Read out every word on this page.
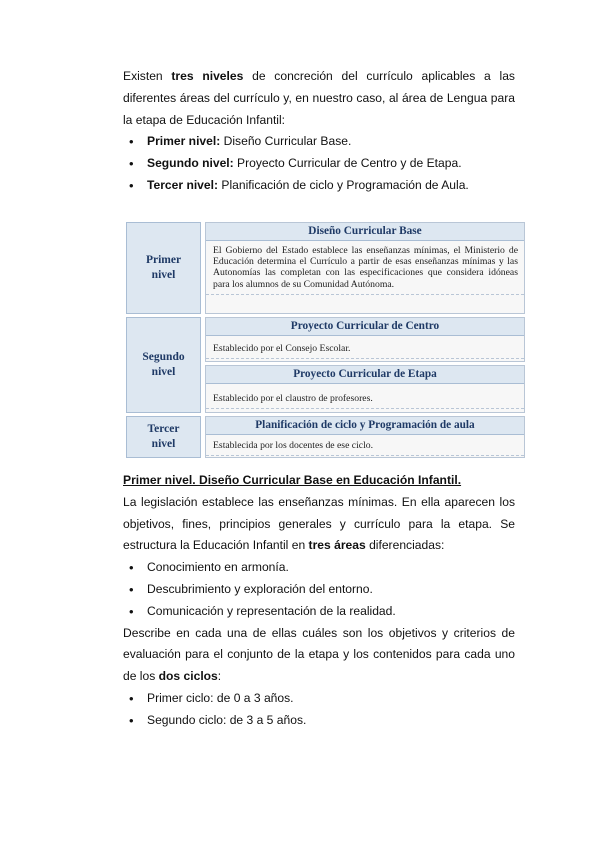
Existen tres niveles de concreción del currículo aplicables a las diferentes áreas del currículo y, en nuestro caso, al área de Lengua para la etapa de Educación Infantil:

• Primer nivel: Diseño Curricular Base.
• Segundo nivel: Proyecto Curricular de Centro y de Etapa.
• Tercer nivel: Planificación de ciclo y Programación de Aula.
Primer
nivel
Segundo
nivel
Tercer
nivel
Diseño Curricular Base
El Gobierno del Estado establece las enseñanzas mínimas, el Ministerio de Educación determina el Currículo a partir de esas enseñanzas mínimas y las Autonomías las completan con las especificaciones que considera idóneas para los alumnos de su Comunidad Autónoma.
Proyecto Curricular de Centro
Establecido por el Consejo Escolar.
Proyecto Curricular de Etapa
Establecido por el claustro de profesores.
Planificación de ciclo y Programación de aula
Establecida por los docentes de ese ciclo.

Primer nivel. Diseño Curricular Base en Educación Infantil.

La legislación establece las enseñanzas mínimas. En ella aparecen los objetivos, fines, principios generales y currículo para la etapa. Se estructura la Educación Infantil en tres áreas diferenciadas:

• Conocimiento en armonía.
• Descubrimiento y exploración del entorno.
• Comunicación y representación de la realidad.

Describe en cada una de ellas cuáles son los objetivos y criterios de evaluación para el conjunto de la etapa y los contenidos para cada uno de los dos ciclos:

• Primer ciclo: de 0 a 3 años.
• Segundo ciclo: de 3 a 5 años.
